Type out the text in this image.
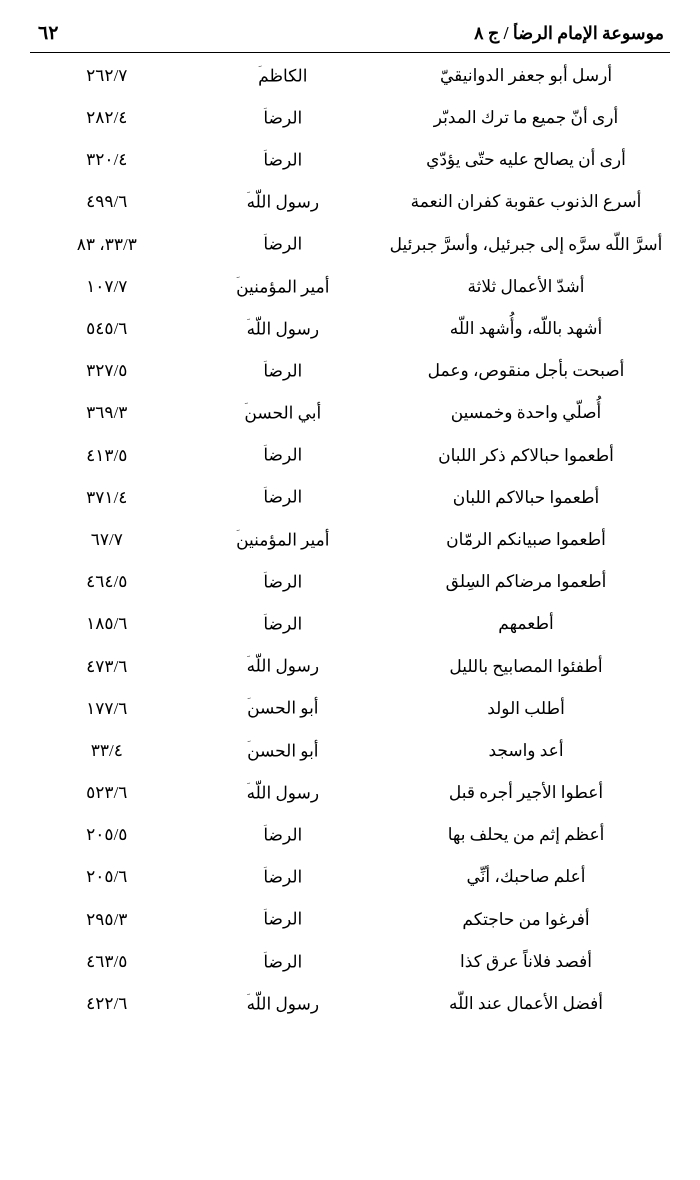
موسوعة الإمام الرضا / ج ٨
٦٢
أرسل أبو جعفر الدوانيقيّ	الكاظم	٢٦٢/٧
أرى أنّ جميع ما ترك المدبّر	الرضا	٢٨٢/٤
أرى أن يصالح عليه حتّى يؤدّي	الرضا	٣٢٠/٤
أسرع الذنوب عقوبة كفران النعمة	رسول اللّه	٤٩٩/٦
أسرَّ اللّه سرَّه إلى جبرئيل، وأسرَّ جبرئيل	الرضا	٣٣/٣، ٨٣
أشدّ الأعمال ثلاثة	أمير المؤمنين	١٠٧/٧
أشهد باللّه، وأُشهد اللّه	رسول اللّه	٥٤٥/٦
أصبحت بأجل منقوص، وعمل	الرضا	٣٢٧/٥
أُصلّي واحدة وخمسين	أبي الحسن	٣٦٩/٣
أطعموا حبالاكم ذكر اللبان	الرضا	٤١٣/٥
أطعموا حبالاكم اللبان	الرضا	٣٧١/٤
أطعموا صبيانكم الرمّان	أمير المؤمنين	٦٧/٧
أطعموا مرضاكم السِلق	الرضا	٤٦٤/٥
أطعمهم	الرضا	١٨٥/٦
أطفئوا المصابيح بالليل	رسول اللّه	٤٧٣/٦
أطلب الولد	أبو الحسن	١٧٧/٦
أعد واسجد	أبو الحسن	٣٣/٤
أعطوا الأجير أجره قبل	رسول اللّه	٥٢٣/٦
أعظم إثم من يحلف بها	الرضا	٢٠٥/٥
أعلم صاحبك، أنِّي	الرضا	٢٠٥/٦
أفرغوا من حاجتكم	الرضا	٢٩٥/٣
أفصد فلاناً عرق كذا	الرضا	٤٦٣/٥
أفضل الأعمال عند اللّه	رسول اللّه	٤٢٢/٦
